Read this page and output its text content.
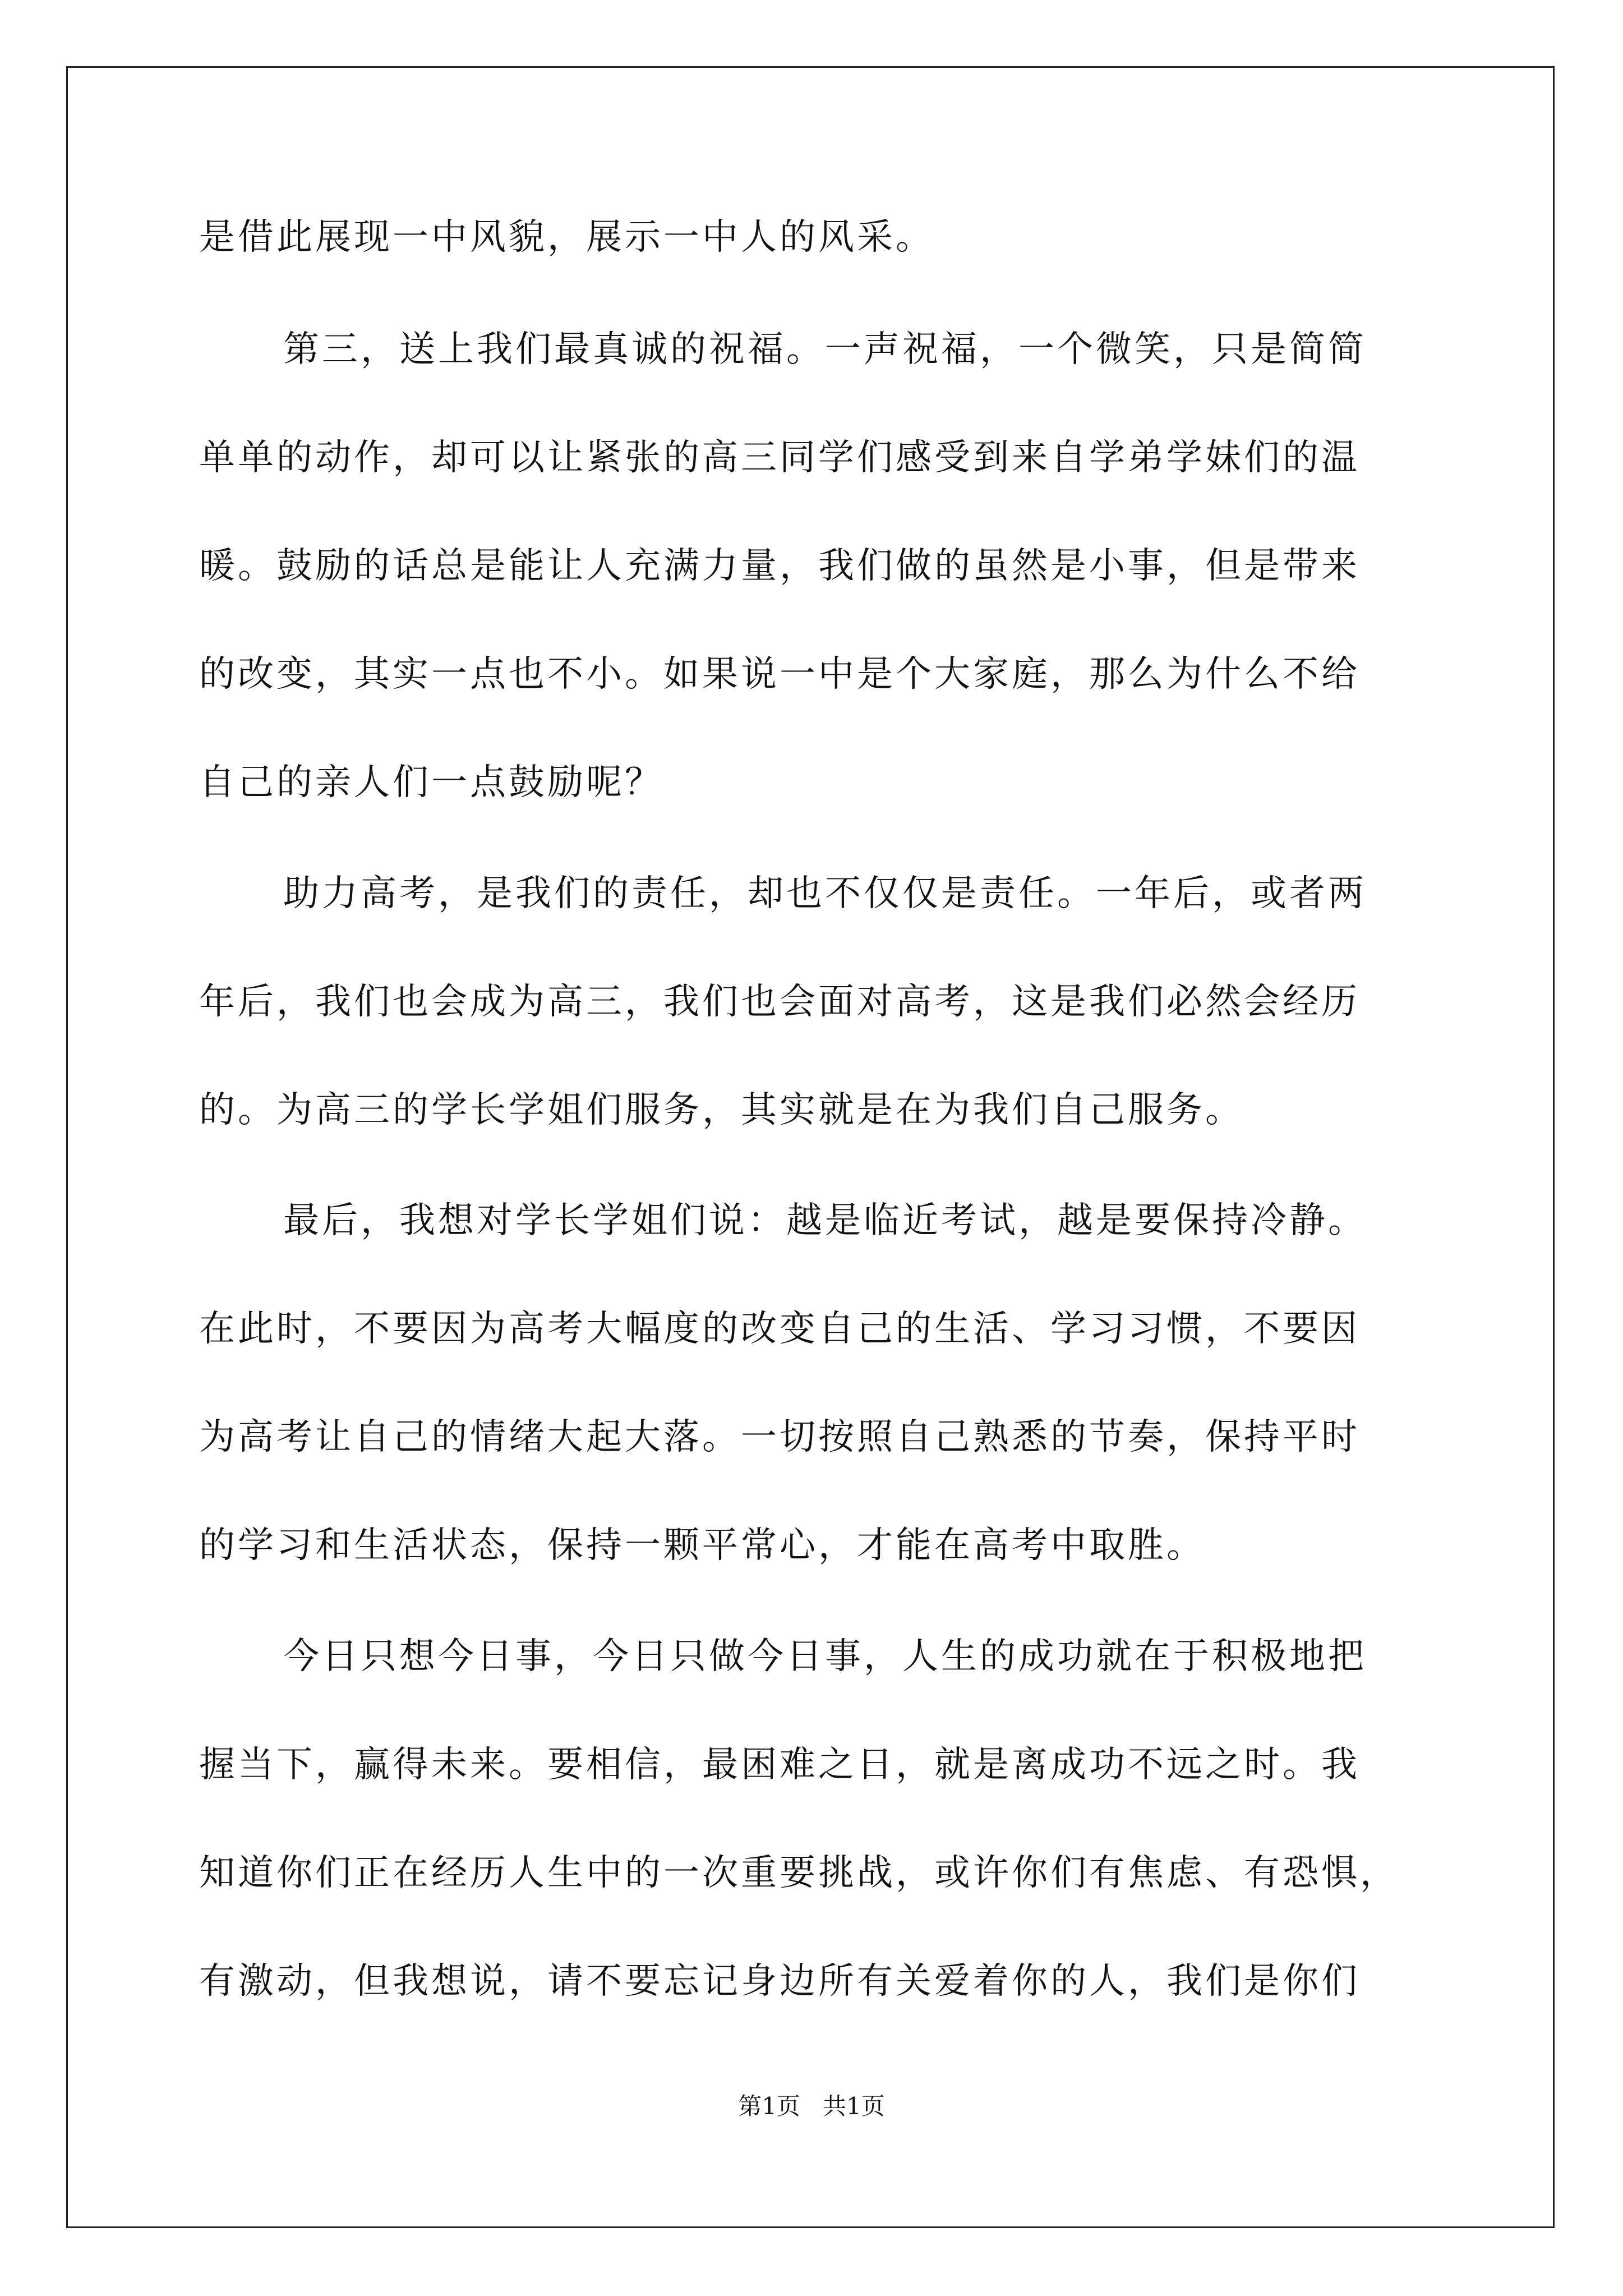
是借此展现一中风貌，展示一中人的风采。
第三，送上我们最真诚的祝福。一声祝福，一个微笑，只是简简
单单的动作，却可以让紧张的高三同学们感受到来自学弟学妹们的温
暖。鼓励的话总是能让人充满力量，我们做的虽然是小事，但是带来
的改变，其实一点也不小。如果说一中是个大家庭，那么为什么不给
自己的亲人们一点鼓励呢？
助力高考，是我们的责任，却也不仅仅是责任。一年后，或者两
年后，我们也会成为高三，我们也会面对高考，这是我们必然会经历
的。为高三的学长学姐们服务，其实就是在为我们自己服务。
最后，我想对学长学姐们说：越是临近考试，越是要保持冷静。
在此时，不要因为高考大幅度的改变自己的生活、学习习惯，不要因
为高考让自己的情绪大起大落。一切按照自己熟悉的节奏，保持平时
的学习和生活状态，保持一颗平常心，才能在高考中取胜。
今日只想今日事，今日只做今日事，人生的成功就在于积极地把
握当下，赢得未来。要相信，最困难之日，就是离成功不远之时。我
知道你们正在经历人生中的一次重要挑战，或许你们有焦虑、有恐惧，
有激动，但我想说，请不要忘记身边所有关爱着你的人，我们是你们
第1页   共1页
